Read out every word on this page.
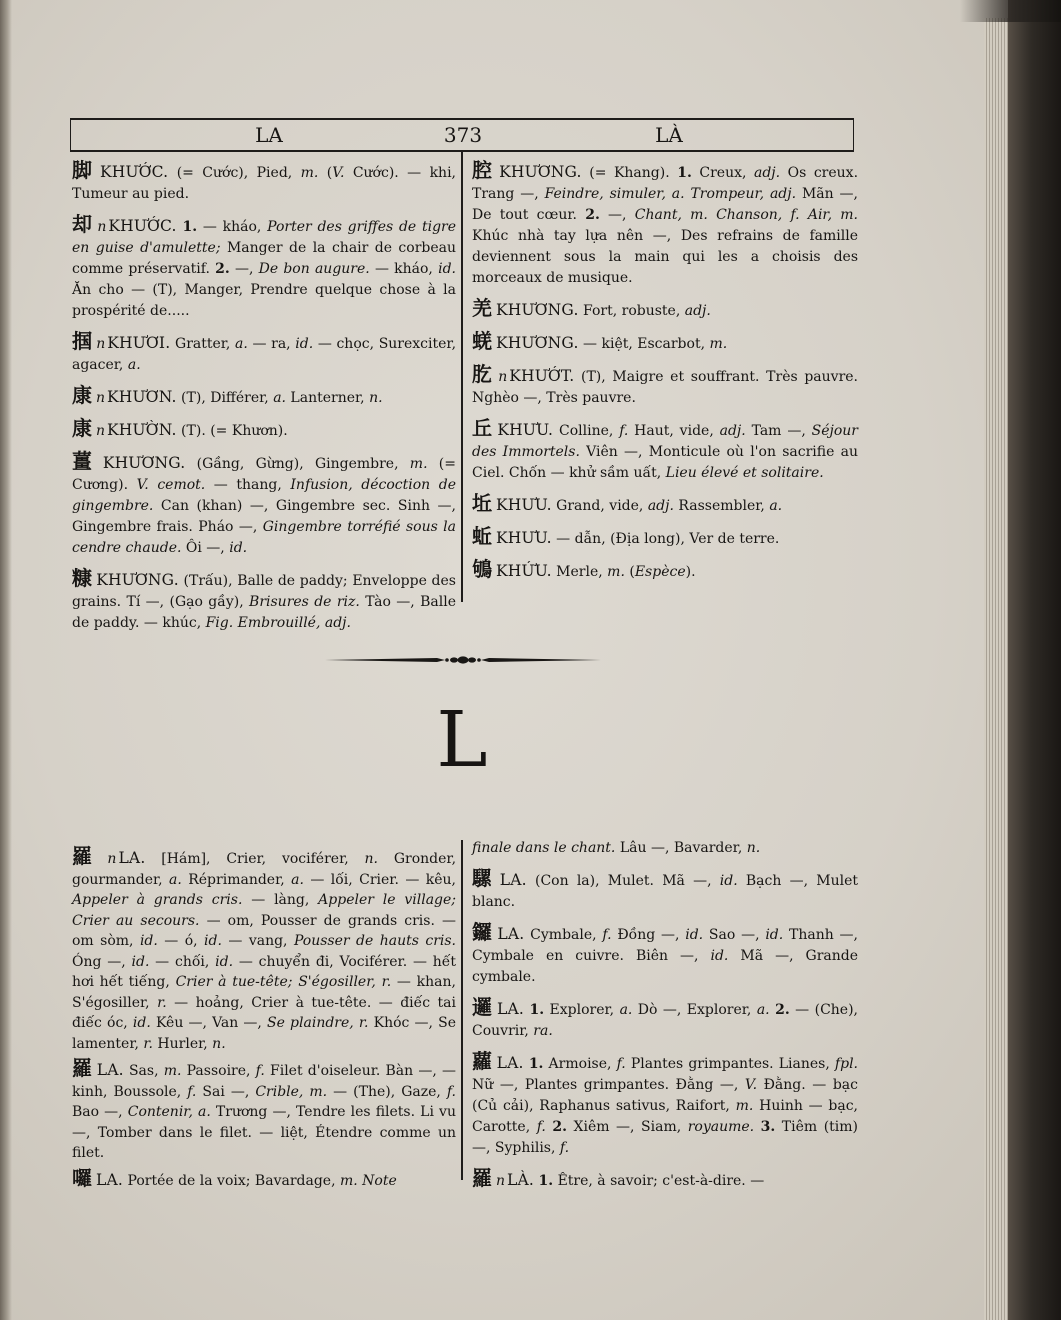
LA	373	LÀ

脚 KHƯỚC. (= Cước), Pied, m. (V. Cước). — khi, Tumeur au pied.

却 n KHƯỚC. 1. — kháo, Porter des griffes de tigre en guise d'amulette; Manger de la chair de corbeau comme préservatif. 2. —, De bon augure. — kháo, id. Ăn cho — (T), Manger, Prendre quelque chose à la prospérité de.....

掴 n KHƯƠI. Gratter, a. — ra, id. — chọc, Surexciter, agacer, a.

康 n KHƯƠN. (T), Différer, a. Lanterner, n.

康 n KHƯỜN. (T). (= Khươn).

薑 KHƯƠNG. (Gầng, Gừng), Gingembre, m. (= Cương). V. cemot. — thang, Infusion, décoction de gingembre. Can (khan) —, Gingembre sec. Sinh —, Gingembre frais. Pháo —, Gingembre torréfié sous la cendre chaude. Ôi —, id.

糠 KHƯƠNG. (Trấu), Balle de paddy; Enveloppe des grains. Tí —, (Gạo gầy), Brisures de riz. Tào —, Balle de paddy. — khúc, Fig. Embrouillé, adj.

腔 KHƯƠNG. (= Khang). 1. Creux, adj. Os creux. Trang —, Feindre, simuler, a. Trompeur, adj. Mãn —, De tout cœur. 2. —, Chant, m. Chanson, f. Air, m. Khúc nhà tay lựa nên —, Des refrains de famille deviennent sous la main qui les a choisis des morceaux de musique.

羌 KHƯƠNG. Fort, robuste, adj.

蜣 KHƯƠNG. — kiệt, Escarbot, m.

肐 n KHƯỚT. (T), Maigre et souffrant. Très pauvre. Nghèo —, Très pauvre.

丘 KHƯU. Colline, f. Haut, vide, adj. Tam —, Séjour des Immortels. Viên —, Monticule où l'on sacrifie au Ciel. Chốn — khử sầm uất, Lieu élevé et solitaire.

坵 KHƯU. Grand, vide, adj. Rassembler, a.

蚯 KHƯU. — dẫn, (Địa long), Ver de terre.

鴝 KHỨU. Merle, m. (Espèce).

L

羅 n LA. [Hám], Crier, vociférer, n. Gronder, gourmander, a. Réprimander, a. — lối, Crier. — kêu, Appeler à grands cris. — làng, Appeler le village; Crier au secours. — om, Pousser de grands cris. — om sòm, id. — ó, id. — vang, Pousser de hauts cris. Óng —, id. — chối, id. — chuyển đi, Vociférer. — hết hơi hết tiếng, Crier à tue-tête; S'égosiller, r. — khan, S'égosiller, r. — hoảng, Crier à tue-tête. — điếc tai điếc óc, id. Kêu —, Van —, Se plaindre, r. Khóc —, Se lamenter, r. Hurler, n.

羅 LA. Sas, m. Passoire, f. Filet d'oiseleur. Bàn —, — kinh, Boussole, f. Sai —, Crible, m. — (The), Gaze, f. Bao —, Contenir, a. Trương —, Tendre les filets. Li vu —, Tomber dans le filet. — liệt, Étendre comme un filet.

囉 LA. Portée de la voix; Bavardage, m. Note

finale dans le chant. Lâu —, Bavarder, n.

騾 LA. (Con la), Mulet. Mã —, id. Bạch —, Mulet blanc.

鑼 LA. Cymbale, f. Đồng —, id. Sao —, id. Thanh —, Cymbale en cuivre. Biên —, id. Mã —, Grande cymbale.

邏 LA. 1. Explorer, a. Dò —, Explorer, a. 2. — (Che), Couvrir, ra.

蘿 LA. 1. Armoise, f. Plantes grimpantes. Lianes, fpl. Nữ —, Plantes grimpantes. Đằng —, V. Đằng. — bạc (Củ cải), Raphanus sativus, Raifort, m. Huinh — bạc, Carotte, f. 2. Xiêm —, Siam, royaume. 3. Tiêm (tim) —, Syphilis, f.

羅 n LÀ. 1. Être, à savoir; c'est-à-dire. —
